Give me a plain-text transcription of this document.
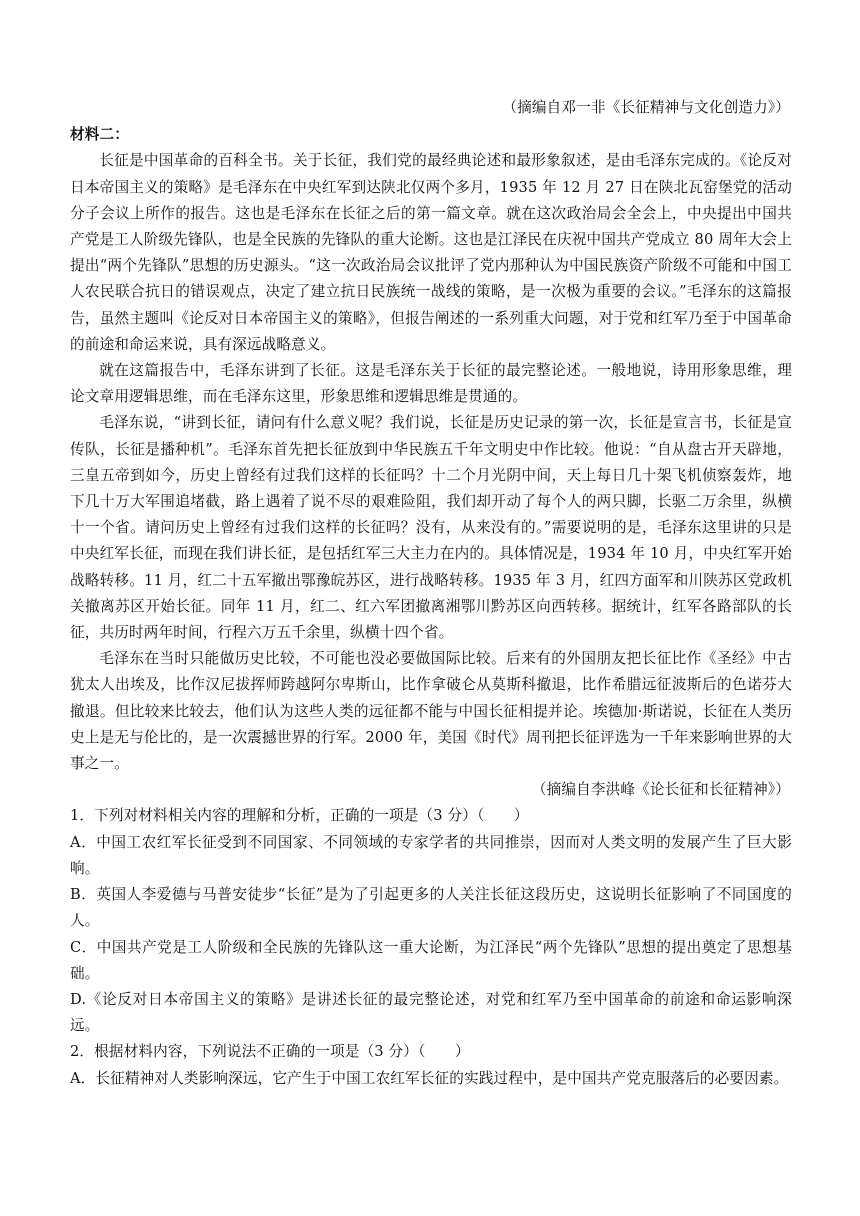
（摘编自邓一非《长征精神与文化创造力》）
材料二：
长征是中国革命的百科全书。关于长征，我们党的最经典论述和最形象叙述，是由毛泽东完成的。《论反对日本帝国主义的策略》是毛泽东在中央红军到达陕北仅两个多月，1935 年 12 月 27 日在陕北瓦窑堡党的活动分子会议上所作的报告。这也是毛泽东在长征之后的第一篇文章。就在这次政治局会全会上，中央提出中国共产党是工人阶级先锋队，也是全民族的先锋队的重大论断。这也是江泽民在庆祝中国共产党成立 80 周年大会上提出“两个先锋队”思想的历史源头。“这一次政治局会议批评了党内那种认为中国民族资产阶级不可能和中国工人农民联合抗日的错误观点，决定了建立抗日民族统一战线的策略，是一次极为重要的会议。”毛泽东的这篇报告，虽然主题叫《论反对日本帝国主义的策略》，但报告阐述的一系列重大问题，对于党和红军乃至于中国革命的前途和命运来说，具有深远战略意义。
就在这篇报告中，毛泽东讲到了长征。这是毛泽东关于长征的最完整论述。一般地说，诗用形象思维，理论文章用逻辑思维，而在毛泽东这里，形象思维和逻辑思维是贯通的。
毛泽东说，“讲到长征，请问有什么意义呢？我们说，长征是历史记录的第一次，长征是宣言书，长征是宣传队，长征是播种机”。毛泽东首先把长征放到中华民族五千年文明史中作比较。他说：“自从盘古开天辟地，三皇五帝到如今，历史上曾经有过我们这样的长征吗？十二个月光阴中间，天上每日几十架飞机侦察轰炸，地下几十万大军围追堵截，路上遇着了说不尽的艰难险阻，我们却开动了每个人的两只脚，长驱二万余里，纵横十一个省。请问历史上曾经有过我们这样的长征吗？没有，从来没有的。”需要说明的是，毛泽东这里讲的只是中央红军长征，而现在我们讲长征，是包括红军三大主力在内的。具体情况是，1934 年 10 月，中央红军开始战略转移。11 月，红二十五军撤出鄂豫皖苏区，进行战略转移。1935 年 3 月，红四方面军和川陕苏区党政机关撤离苏区开始长征。同年 11 月，红二、红六军团撤离湘鄂川黔苏区向西转移。据统计，红军各路部队的长征，共历时两年时间，行程六万五千余里，纵横十四个省。
毛泽东在当时只能做历史比较，不可能也没必要做国际比较。后来有的外国朋友把长征比作《圣经》中古犹太人出埃及，比作汉尼拔挥师跨越阿尔卑斯山，比作拿破仑从莫斯科撤退，比作希腊远征波斯后的色诺芬大撤退。但比较来比较去，他们认为这些人类的远征都不能与中国长征相提并论。埃德加·斯诺说，长征在人类历史上是无与伦比的，是一次震撼世界的行军。2000 年，美国《时代》周刊把长征评选为一千年来影响世界的大事之一。
（摘编自李洪峰《论长征和长征精神》）
1．下列对材料相关内容的理解和分析，正确的一项是（3 分）（　　）
A．中国工农红军长征受到不同国家、不同领域的专家学者的共同推崇，因而对人类文明的发展产生了巨大影响。
B．英国人李爱德与马普安徒步“长征”是为了引起更多的人关注长征这段历史，这说明长征影响了不同国度的人。
C．中国共产党是工人阶级和全民族的先锋队这一重大论断，为江泽民“两个先锋队”思想的提出奠定了思想基础。
D.《论反对日本帝国主义的策略》是讲述长征的最完整论述，对党和红军乃至中国革命的前途和命运影响深远。
2．根据材料内容，下列说法不正确的一项是（3 分）（　　）
A．长征精神对人类影响深远，它产生于中国工农红军长征的实践过程中，是中国共产党克服落后的必要因素。
